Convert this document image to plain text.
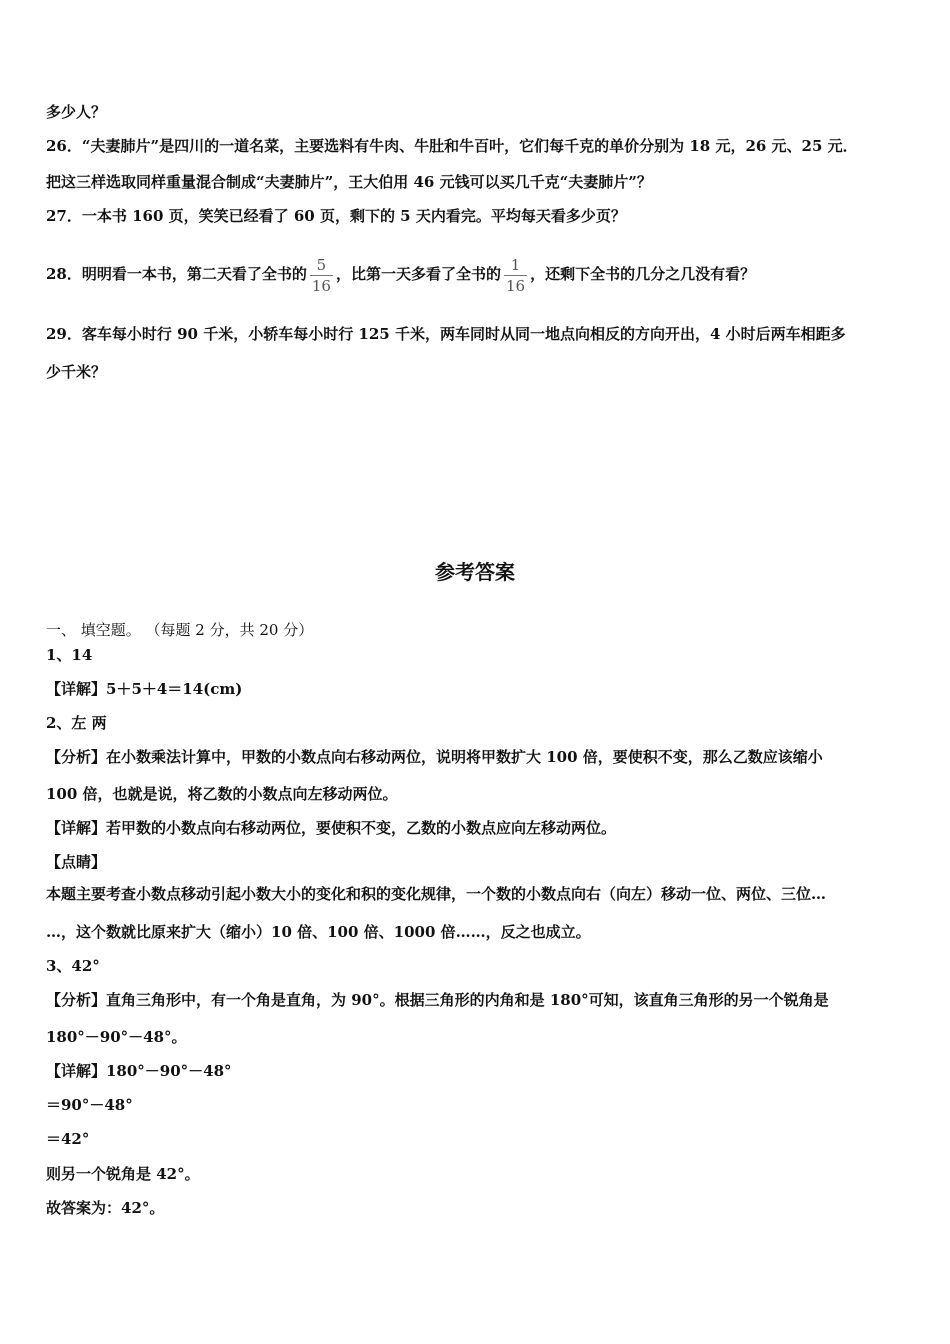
多少人？
26．“夫妻肺片”是四川的一道名菜，主要选料有牛肉、牛肚和牛百叶，它们每千克的单价分别为 18 元，26 元、25 元．
把这三样选取同样重量混合制成“夫妻肺片”，王大伯用 46 元钱可以买几千克“夫妻肺片”？
27．一本书 160 页，笑笑已经看了 60 页，剩下的 5 天内看完。平均每天看多少页？
28．明明看一本书，第二天看了全书的 $\frac{5}{16}$ ，比第一天多看了全书的 $\frac{1}{16}$ ，还剩下全书的几分之几没有看？
29．客车每小时行 90 千米，小轿车每小时行 125 千米，两车同时从同一地点向相反的方向开出，4 小时后两车相距多
少千米？
参考答案
一、 填空题。 （每题 2 分，共 20 分）
1、14
【详解】5＋5＋4＝14(cm)
2、左 两
【分析】在小数乘法计算中，甲数的小数点向右移动两位，说明将甲数扩大 100 倍，要使积不变，那么乙数应该缩小
100 倍，也就是说，将乙数的小数点向左移动两位。
【详解】若甲数的小数点向右移动两位，要使积不变，乙数的小数点应向左移动两位。
【点睛】
本题主要考查小数点移动引起小数大小的变化和积的变化规律，一个数的小数点向右（向左）移动一位、两位、三位…
…，这个数就比原来扩大（缩小）10 倍、100 倍、1000 倍……，反之也成立。
3、42°
【分析】直角三角形中，有一个角是直角，为 90°。根据三角形的内角和是 180°可知，该直角三角形的另一个锐角是
180°－90°－48°。
【详解】180°－90°－48°
＝90°－48°
＝42°
则另一个锐角是 42°。
故答案为：42°。
